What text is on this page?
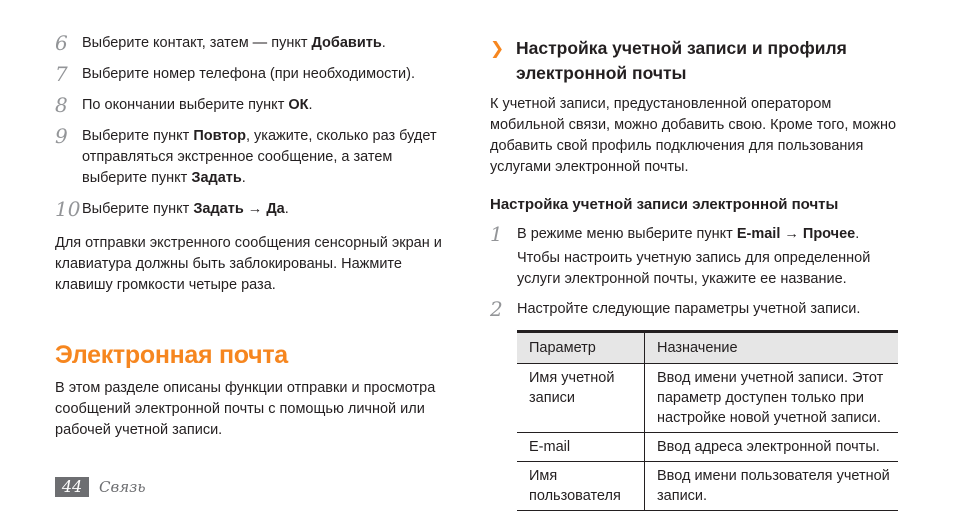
6 Выберите контакт, затем — пункт Добавить.
7 Выберите номер телефона (при необходимости).
8 По окончании выберите пункт ОК.
9 Выберите пункт Повтор, укажите, сколько раз будет отправляться экстренное сообщение, а затем выберите пункт Задать.
10 Выберите пункт Задать → Да.

Для отправки экстренного сообщения сенсорный экран и клавиатура должны быть заблокированы. Нажмите клавишу громкости четыре раза.

Электронная почта

В этом разделе описаны функции отправки и просмотра сообщений электронной почты с помощью личной или рабочей учетной записи.

❯ Настройка учетной записи и профиля электронной почты

К учетной записи, предустановленной оператором мобильной связи, можно добавить свою. Кроме того, можно добавить свой профиль подключения для пользования услугами электронной почты.

Настройка учетной записи электронной почты
1 В режиме меню выберите пункт E-mail → Прочее.
Чтобы настроить учетную запись для определенной услуги электронной почты, укажите ее название.
2 Настройте следующие параметры учетной записи.
Параметр	Назначение
Имя учетной записи	Ввод имени учетной записи. Этот параметр доступен только при настройке новой учетной записи.
E-mail	Ввод адреса электронной почты.
Имя пользователя	Ввод имени пользователя учетной записи.
44	Связь
